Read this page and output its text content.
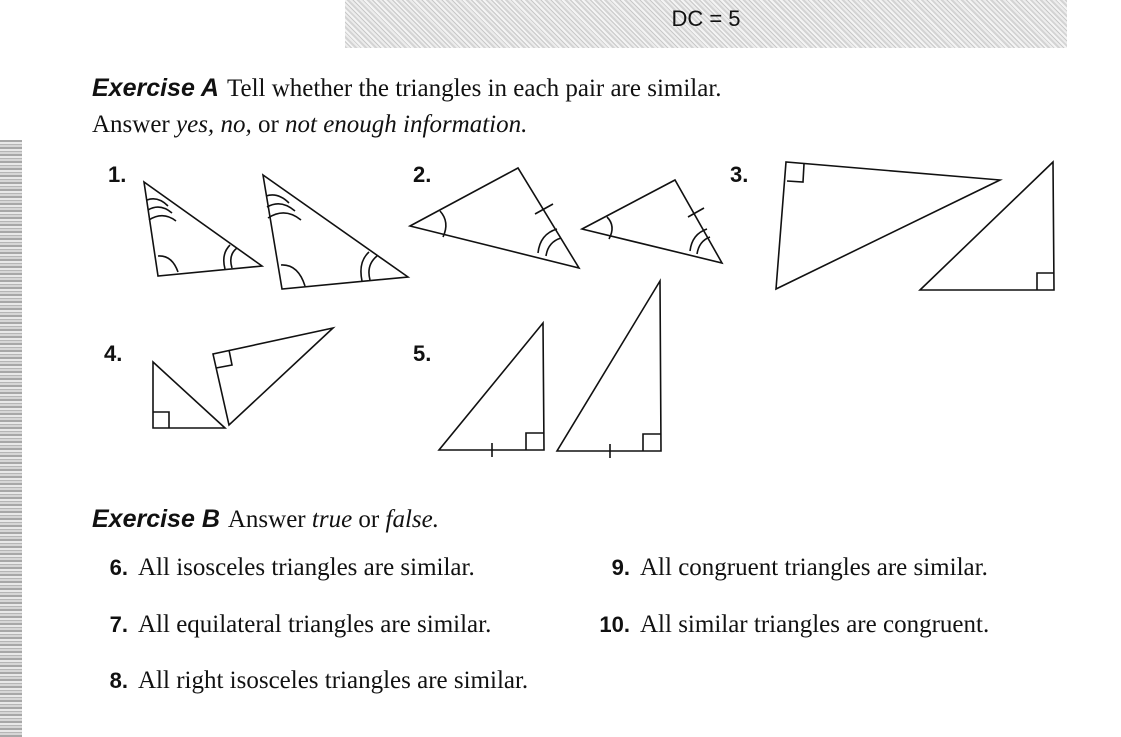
DC = 5
Exercise A Tell whether the triangles in each pair are similar.
Answer yes, no, or not enough information.
1.	2.	3.
4.	5.
Exercise B Answer true or false.
6. All isosceles triangles are similar.
7. All equilateral triangles are similar.
8. All right isosceles triangles are similar.
9. All congruent triangles are similar.
10. All similar triangles are congruent.
